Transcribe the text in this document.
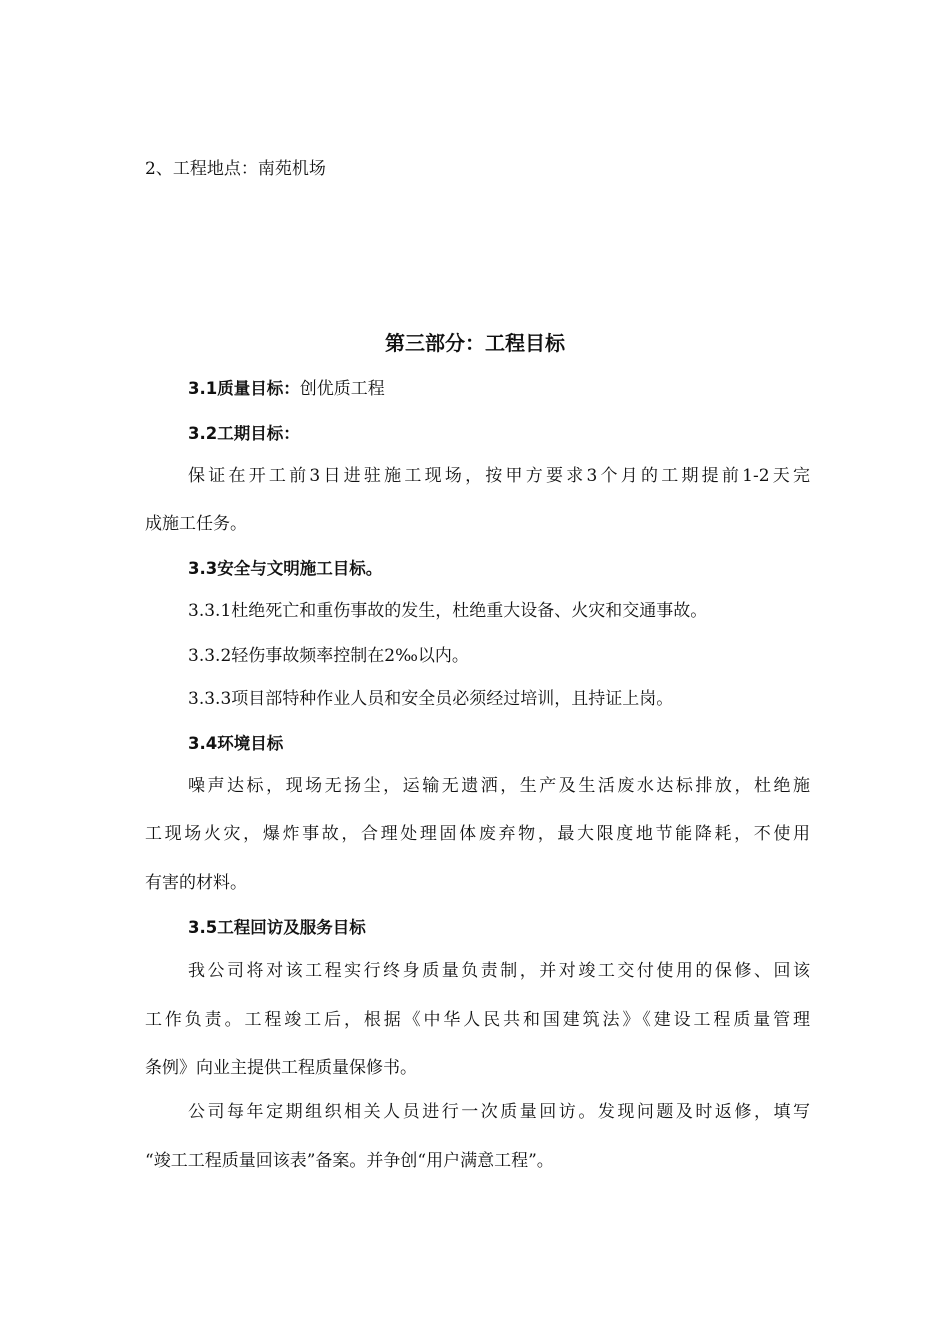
2、工程地点：南苑机场
第三部分：工程目标
3.1质量目标：创优质工程
3.2工期目标：
保证在开工前3日进驻施工现场，按甲方要求3个月的工期提前1-2天完
成施工任务。
3.3安全与文明施工目标。
3.3.1杜绝死亡和重伤事故的发生，杜绝重大设备、火灾和交通事故。
3.3.2轻伤事故频率控制在2‰以内。
3.3.3项目部特种作业人员和安全员必须经过培训，且持证上岗。
3.4环境目标
噪声达标，现场无扬尘，运输无遗洒，生产及生活废水达标排放，杜绝施
工现场火灾，爆炸事故，合理处理固体废弃物，最大限度地节能降耗，不使用
有害的材料。
3.5工程回访及服务目标
我公司将对该工程实行终身质量负责制，并对竣工交付使用的保修、回该
工作负责。工程竣工后，根据《中华人民共和国建筑法》《建设工程质量管理
条例》向业主提供工程质量保修书。
公司每年定期组织相关人员进行一次质量回访。发现问题及时返修，填写
“竣工工程质量回该表”备案。并争创“用户满意工程”。
